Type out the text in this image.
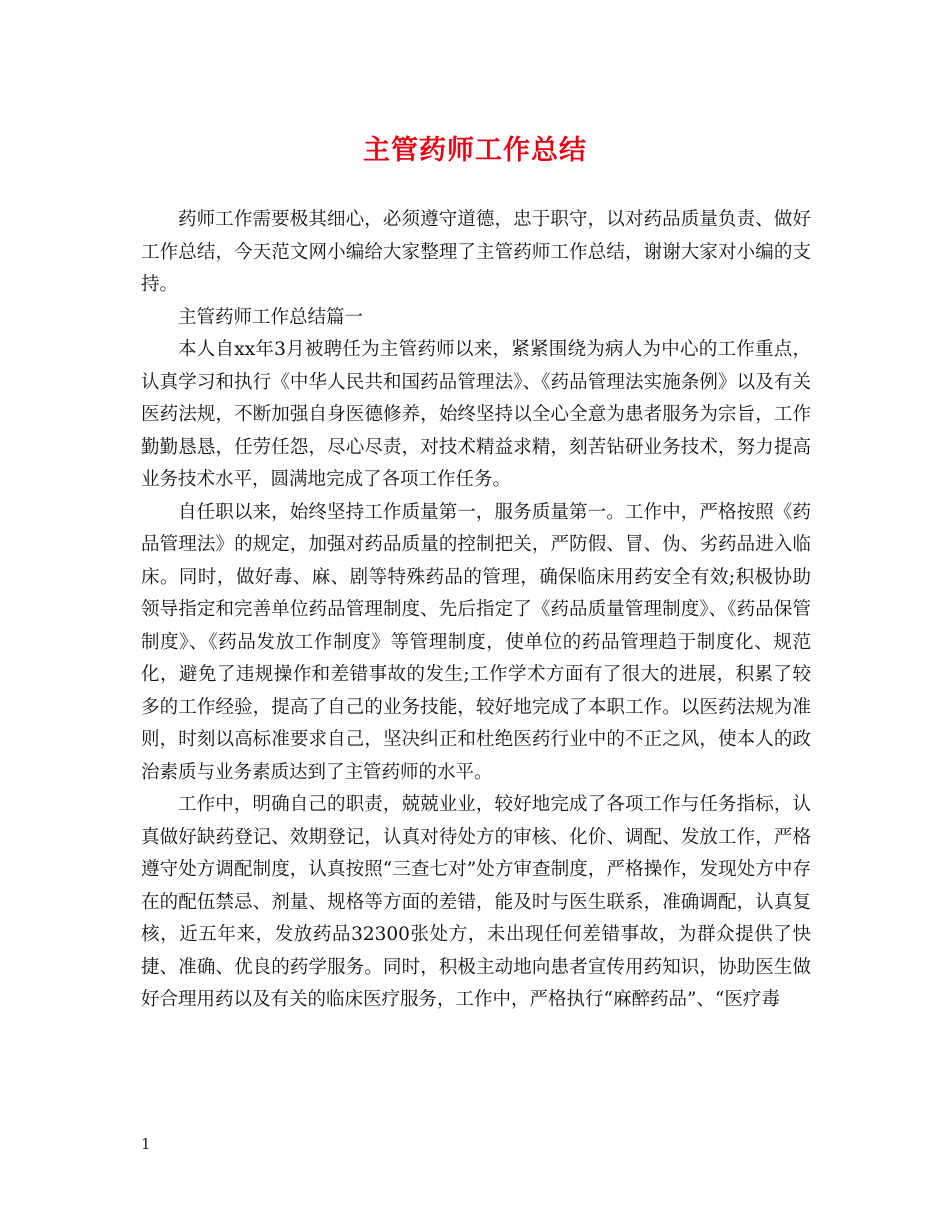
主管药师工作总结

药师工作需要极其细心，必须遵守道德，忠于职守，以对药品质量负责、做好工作总结，今天范文网小编给大家整理了主管药师工作总结，谢谢大家对小编的支持。

主管药师工作总结篇一

本人自xx年3月被聘任为主管药师以来，紧紧围绕为病人为中心的工作重点，认真学习和执行《中华人民共和国药品管理法》、《药品管理法实施条例》以及有关医药法规，不断加强自身医德修养，始终坚持以全心全意为患者服务为宗旨，工作勤勤恳恳，任劳任怨，尽心尽责，对技术精益求精，刻苦钻研业务技术，努力提高业务技术水平，圆满地完成了各项工作任务。

自任职以来，始终坚持工作质量第一，服务质量第一。工作中，严格按照《药品管理法》的规定，加强对药品质量的控制把关，严防假、冒、伪、劣药品进入临床。同时，做好毒、麻、剧等特殊药品的管理，确保临床用药安全有效;积极协助领导指定和完善单位药品管理制度、先后指定了《药品质量管理制度》、《药品保管制度》、《药品发放工作制度》等管理制度，使单位的药品管理趋于制度化、规范化，避免了违规操作和差错事故的发生;工作学术方面有了很大的进展，积累了较多的工作经验，提高了自己的业务技能，较好地完成了本职工作。以医药法规为准则，时刻以高标准要求自己，坚决纠正和杜绝医药行业中的不正之风，使本人的政治素质与业务素质达到了主管药师的水平。

工作中，明确自己的职责，兢兢业业，较好地完成了各项工作与任务指标，认真做好缺药登记、效期登记，认真对待处方的审核、化价、调配、发放工作，严格遵守处方调配制度，认真按照“三查七对”处方审查制度，严格操作，发现处方中存在的配伍禁忌、剂量、规格等方面的差错，能及时与医生联系，准确调配，认真复核，近五年来，发放药品32300张处方，未出现任何差错事故，为群众提供了快捷、准确、优良的药学服务。同时，积极主动地向患者宣传用药知识，协助医生做好合理用药以及有关的临床医疗服务，工作中，严格执行“麻醉药品”、“医疗毒

1
